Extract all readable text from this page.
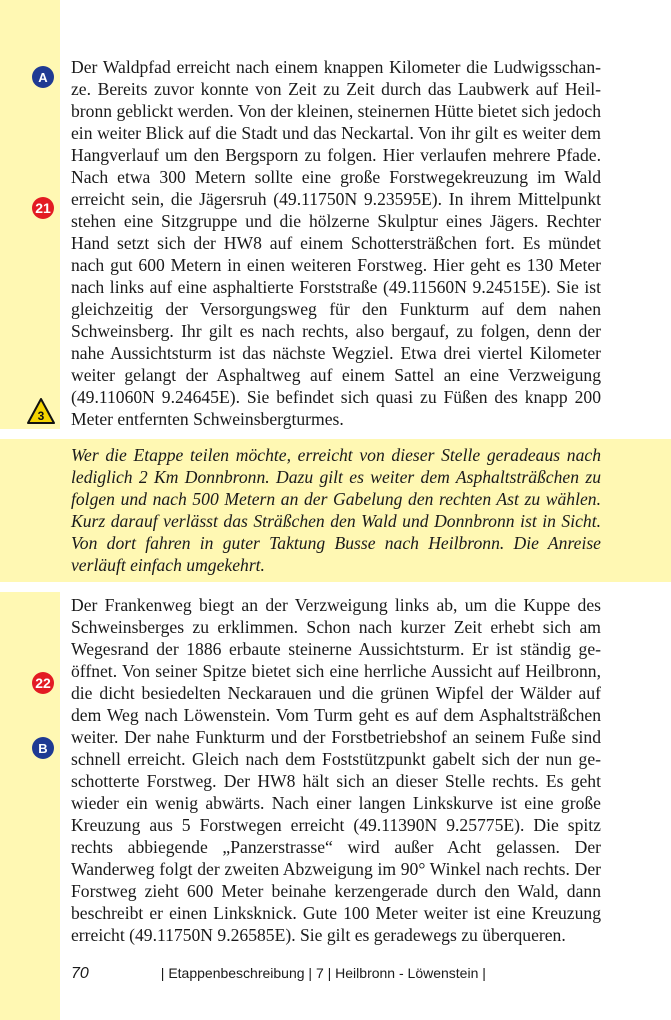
A
21
3
22
B

Der Waldpfad erreicht nach einem knappen Kilometer die Ludwigsschanze. Bereits zuvor konnte von Zeit zu Zeit durch das Laubwerk auf Heilbronn geblickt werden. Von der kleinen, steinernen Hütte bietet sich jedoch ein weiter Blick auf die Stadt und das Neckartal. Von ihr gilt es weiter dem Hangverlauf um den Bergsporn zu folgen. Hier verlaufen mehrere Pfade. Nach etwa 300 Metern sollte eine große Forstwegekreuzung im Wald erreicht sein, die Jägersruh (49.11750N 9.23595E). In ihrem Mittelpunkt stehen eine Sitzgruppe und die hölzerne Skulptur eines Jägers. Rechter Hand setzt sich der HW8 auf einem Schottersträßchen fort. Es mündet nach gut 600 Metern in einen weiteren Forstweg. Hier geht es 130 Meter nach links auf eine asphaltierte Forststraße (49.11560N 9.24515E). Sie ist gleichzeitig der Versorgungsweg für den Funkturm auf dem nahen Schweinsberg. Ihr gilt es nach rechts, also bergauf, zu folgen, denn der nahe Aussichtsturm ist das nächste Wegziel. Etwa drei viertel Kilometer weiter gelangt der Asphaltweg auf einem Sattel an eine Verzweigung (49.11060N 9.24645E). Sie befindet sich quasi zu Füßen des knapp 200 Meter entfernten Schweinsbergturmes.

Wer die Etappe teilen möchte, erreicht von dieser Stelle geradeaus nach lediglich 2 Km Donnbronn. Dazu gilt es weiter dem Asphaltsträßchen zu folgen und nach 500 Metern an der Gabelung den rechten Ast zu wählen. Kurz darauf verlässt das Sträßchen den Wald und Donnbronn ist in Sicht. Von dort fahren in guter Taktung Busse nach Heilbronn. Die Anreise verläuft einfach umgekehrt.

Der Frankenweg biegt an der Verzweigung links ab, um die Kuppe des Schweinsberges zu erklimmen. Schon nach kurzer Zeit erhebt sich am Wegesrand der 1886 erbaute steinerne Aussichtsturm. Er ist ständig geöffnet. Von seiner Spitze bietet sich eine herrliche Aussicht auf Heilbronn, die dicht besiedelten Neckarauen und die grünen Wipfel der Wälder auf dem Weg nach Löwenstein. Vom Turm geht es auf dem Asphaltsträßchen weiter. Der nahe Funkturm und der Forstbetriebshof an seinem Fuße sind schnell erreicht. Gleich nach dem Foststützpunkt gabelt sich der nun geschotterte Forstweg. Der HW8 hält sich an dieser Stelle rechts. Es geht wieder ein wenig abwärts. Nach einer langen Linkskurve ist eine große Kreuzung aus 5 Forstwegen erreicht (49.11390N 9.25775E). Die spitz rechts abbiegende „Panzerstrasse“ wird außer Acht gelassen. Der Wanderweg folgt der zweiten Abzweigung im 90° Winkel nach rechts. Der Forstweg zieht 600 Meter beinahe kerzengerade durch den Wald, dann beschreibt er einen Linksknick. Gute 100 Meter weiter ist eine Kreuzung erreicht (49.11750N 9.26585E). Sie gilt es geradewegs zu überqueren.

70	| Etappenbeschreibung | 7 | Heilbronn - Löwenstein |
